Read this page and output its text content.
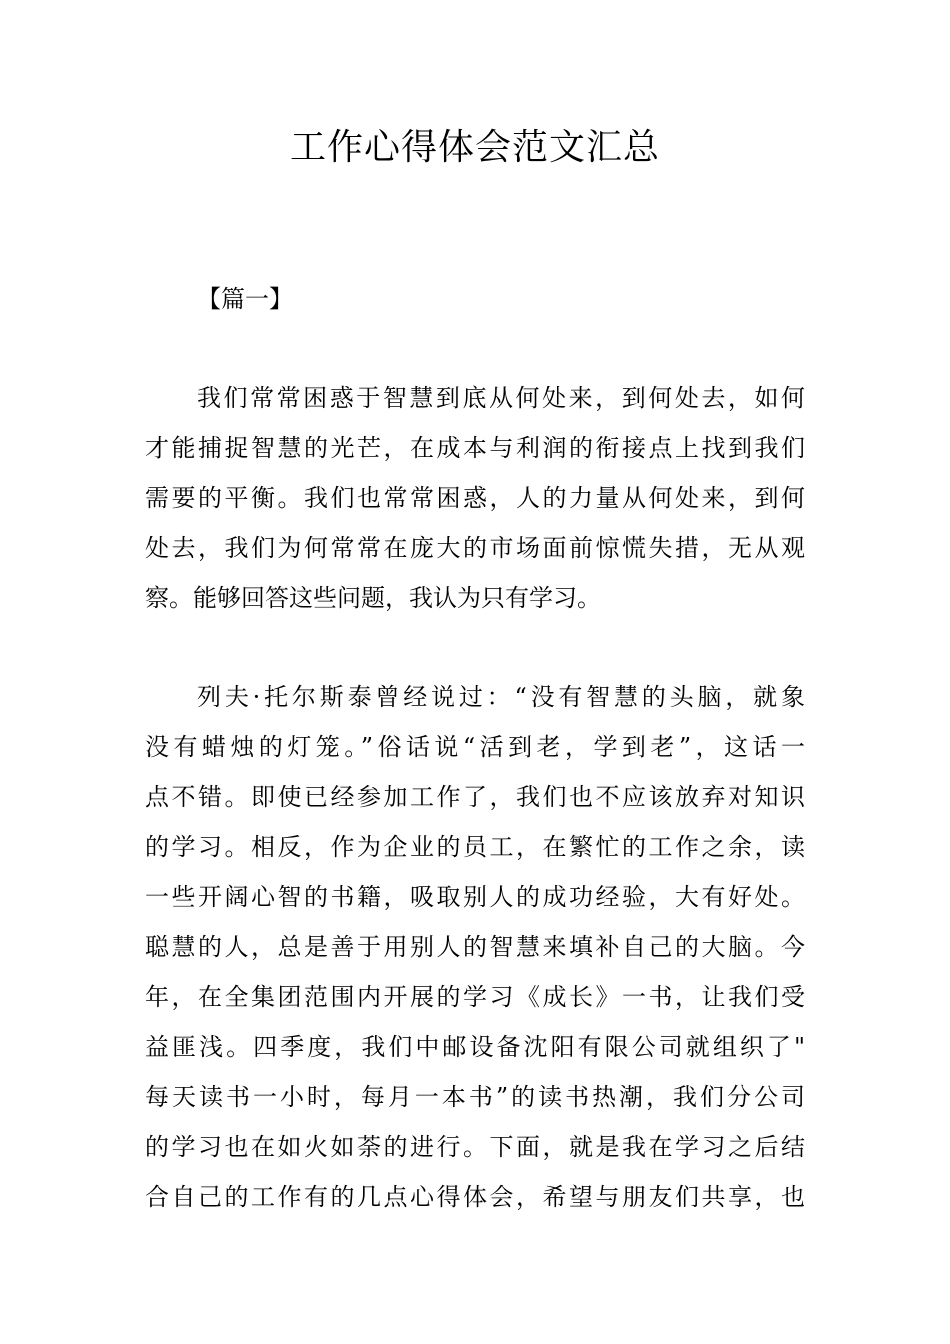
工作心得体会范文汇总

【篇一】

我们常常困惑于智慧到底从何处来，到何处去，如何
才能捕捉智慧的光芒，在成本与利润的衔接点上找到我们
需要的平衡。我们也常常困惑，人的力量从何处来，到何
处去，我们为何常常在庞大的市场面前惊慌失措，无从观
察。能够回答这些问题，我认为只有学习。
列夫·托尔斯泰曾经说过：“没有智慧的头脑，就象
没有蜡烛的灯笼。”俗话说“活到老，学到老”，这话一
点不错。即使已经参加工作了，我们也不应该放弃对知识
的学习。相反，作为企业的员工，在繁忙的工作之余，读
一些开阔心智的书籍，吸取别人的成功经验，大有好处。
聪慧的人，总是善于用别人的智慧来填补自己的大脑。今
年，在全集团范围内开展的学习《成长》一书，让我们受
益匪浅。四季度，我们中邮设备沈阳有限公司就组织了"
每天读书一小时，每月一本书”的读书热潮，我们分公司
的学习也在如火如荼的进行。下面，就是我在学习之后结
合自己的工作有的几点心得体会，希望与朋友们共享，也
